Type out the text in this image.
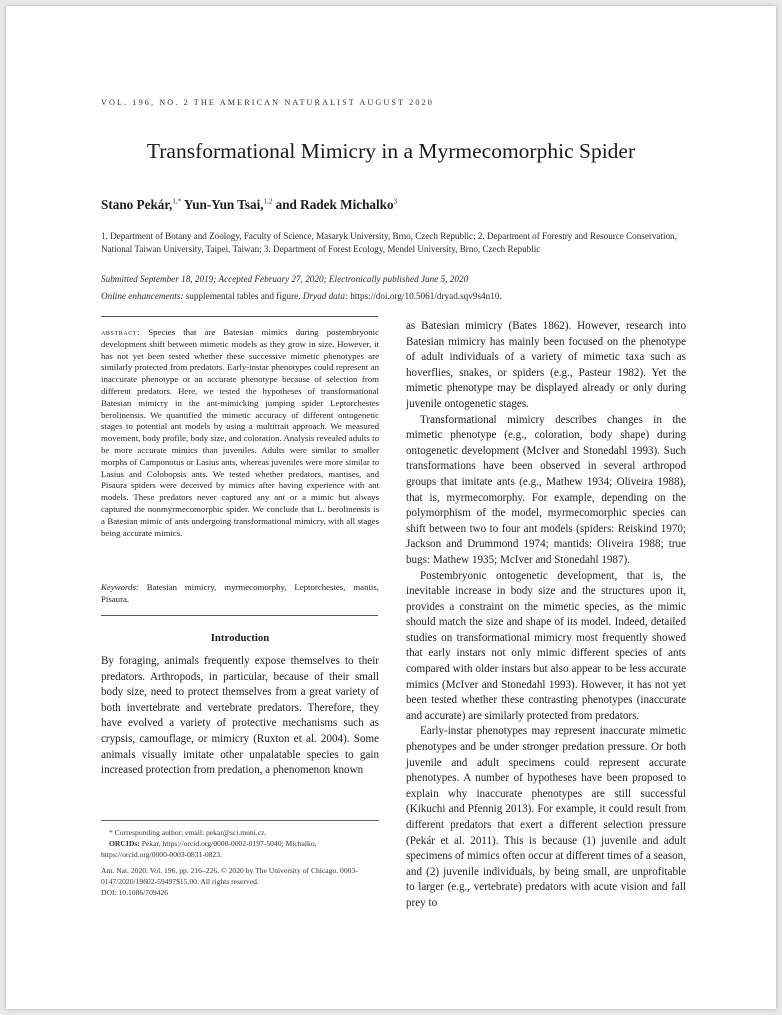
VOL. 196, NO. 2 THE AMERICAN NATURALIST AUGUST 2020
Transformational Mimicry in a Myrmecomorphic Spider
Stano Pekár,$^{1,*}$ Yun-Yun Tsai,$^{1,2}$ and Radek Michalko$^3$
1. Department of Botany and Zoology, Faculty of Science, Masaryk University, Brno, Czech Republic; 2. Department of Forestry and Resource Conservation, National Taiwan University, Taipei, Taiwan; 3. Department of Forest Ecology, Mendel University, Brno, Czech Republic
Submitted September 18, 2019; Accepted February 27, 2020; Electronically published June 5, 2020
Online enhancements: supplemental tables and figure. Dryad data: https://doi.org/10.5061/dryad.sqv9s4n10.
abstract: Species that are Batesian mimics during postembryonic development shift between mimetic models as they grow in size. However, it has not yet been tested whether these successive mimetic phenotypes are similarly protected from predators. Early-instar phenotypes could represent an inaccurate phenotype or an accurate phenotype because of selection from different predators. Here, we tested the hypotheses of transformational Batesian mimicry in the ant-mimicking jumping spider Leptorchestes berolinensis. We quantified the mimetic accuracy of different ontogenetic stages to potential ant models by using a multitrait approach. We measured movement, body profile, body size, and coloration. Analysis revealed adults to be more accurate mimics than juveniles. Adults were similar to smaller morphs of Camponotus or Lasius ants, whereas juveniles were more similar to Lasius and Colobopsis ants. We tested whether predators, mantises, and Pisaura spiders were deceived by mimics after having experience with ant models. These predators never captured any ant or a mimic but always captured the nonmyrmecomorphic spider. We conclude that L. berolinensis is a Batesian mimic of ants undergoing transformational mimicry, with all stages being accurate mimics.
Keywords: Batesian mimicry, myrmecomorphy, Leptorchestes, mantis, Pisaura.
Introduction

By foraging, animals frequently expose themselves to their predators. Arthropods, in particular, because of their small body size, need to protect themselves from a great variety of both invertebrate and vertebrate predators. Therefore, they have evolved a variety of protective mechanisms such as crypsis, camouflage, or mimicry (Ruxton et al. 2004). Some animals visually imitate other unpalatable species to gain increased protection from predation, a phenomenon known

* Corresponding author; email: pekar@sci.muni.cz.

ORCIDs: Pekar, https://orcid.org/0000-0002-0197-5040; Michalko, https://orcid.org/0000-0003-0831-0823.

Am. Nat. 2020. Vol. 196, pp. 216–226. © 2020 by The University of Chicago. 0003-0147/2020/19602-59497$15.00. All rights reserved.

DOI: 10.1086/709426

as Batesian mimicry (Bates 1862). However, research into Batesian mimicry has mainly been focused on the phenotype of adult individuals of a variety of mimetic taxa such as hoverflies, snakes, or spiders (e.g., Pasteur 1982). Yet the mimetic phenotype may be displayed already or only during juvenile ontogenetic stages.

Transformational mimicry describes changes in the mimetic phenotype (e.g., coloration, body shape) during ontogenetic development (McIver and Stonedahl 1993). Such transformations have been observed in several arthropod groups that imitate ants (e.g., Mathew 1934; Oliveira 1988), that is, myrmecomorphy. For example, depending on the polymorphism of the model, myrmecomorphic species can shift between two to four ant models (spiders: Reiskind 1970; Jackson and Drummond 1974; mantids: Oliveira 1988; true bugs: Mathew 1935; McIver and Stonedahl 1987).

Postembryonic ontogenetic development, that is, the inevitable increase in body size and the structures upon it, provides a constraint on the mimetic species, as the mimic should match the size and shape of its model. Indeed, detailed studies on transformational mimicry most frequently showed that early instars not only mimic different species of ants compared with older instars but also appear to be less accurate mimics (McIver and Stonedahl 1993). However, it has not yet been tested whether these contrasting phenotypes (inaccurate and accurate) are similarly protected from predators.

Early-instar phenotypes may represent inaccurate mimetic phenotypes and be under stronger predation pressure. Or both juvenile and adult specimens could represent accurate phenotypes. A number of hypotheses have been proposed to explain why inaccurate phenotypes are still successful (Kikuchi and Pfennig 2013). For example, it could result from different predators that exert a different selection pressure (Pekár et al. 2011). This is because (1) juvenile and adult specimens of mimics often occur at different times of a season, and (2) juvenile individuals, by being small, are unprofitable to larger (e.g., vertebrate) predators with acute vision and fall prey to
